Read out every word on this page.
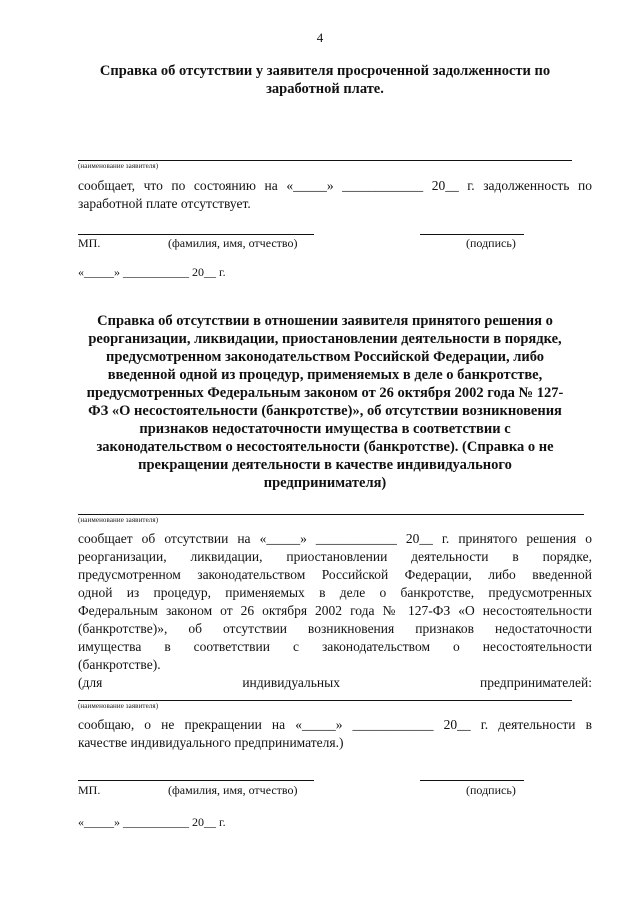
4
Справка об отсутствии у заявителя просроченной задолженности по
заработной плате.
(наименование заявителя)
сообщает, что по состоянию на «_____» ____________ 20__ г. задолженность по
заработной плате отсутствует.
МП.	(фамилия, имя, отчество)	(подпись)
«_____» ___________ 20__ г.
Справка об отсутствии в отношении заявителя принятого решения о
реорганизации, ликвидации, приостановлении деятельности в порядке,
предусмотренном законодательством Российской Федерации, либо
введенной одной из процедур, применяемых в деле о банкротстве,
предусмотренных Федеральным законом от 26 октября 2002 года № 127-
ФЗ «О несостоятельности (банкротстве)», об отсутствии возникновения
признаков недостаточности имущества в соответствии с
законодательством о несостоятельности (банкротстве). (Справка о не
прекращении деятельности в качестве индивидуального
предпринимателя)
(наименование заявителя)
сообщает об отсутствии на «_____» ____________ 20__ г. принятого решения о
реорганизации, ликвидации, приостановлении деятельности в порядке,
предусмотренном законодательством Российской Федерации, либо введенной
одной из процедур, применяемых в деле о банкротстве, предусмотренных
Федеральным законом от 26 октября 2002 года № 127-ФЗ «О несостоятельности
(банкротстве)», об отсутствии возникновения признаков недостаточности
имущества в соответствии с законодательством о несостоятельности
(банкротстве).
(для	индивидуальных	предпринимателей:
(наименование заявителя)
сообщаю, о не прекращении на «_____» ____________ 20__ г. деятельности в
качестве индивидуального предпринимателя.)
МП.	(фамилия, имя, отчество)	(подпись)
«_____» ___________ 20__ г.
